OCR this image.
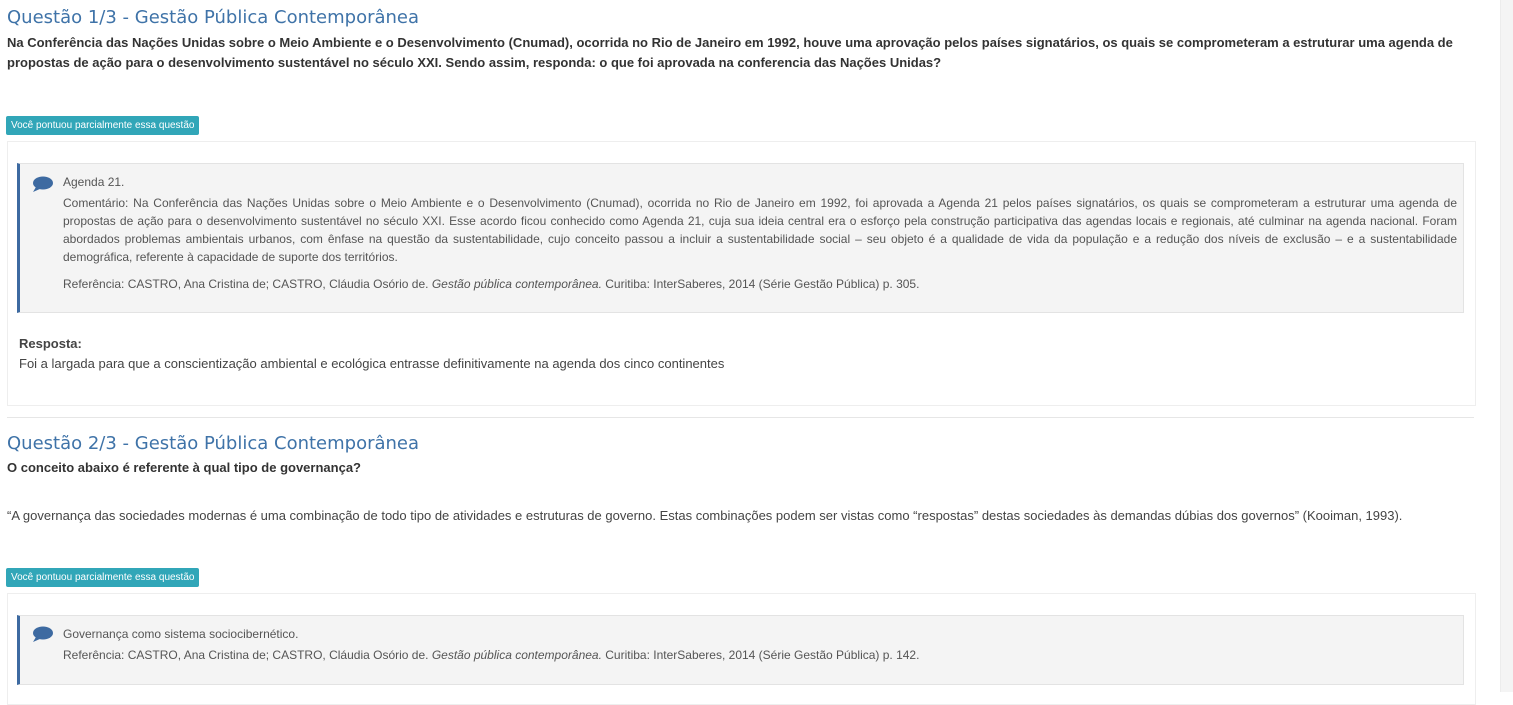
Questão 1/3 - Gestão Pública Contemporânea
Na Conferência das Nações Unidas sobre o Meio Ambiente e o Desenvolvimento (Cnumad), ocorrida no Rio de Janeiro em 1992, houve uma aprovação pelos países signatários, os quais se comprometeram a estruturar uma agenda de propostas de ação para o desenvolvimento sustentável no século XXI. Sendo assim, responda: o que foi aprovada na conferencia das Nações Unidas?
Você pontuou parcialmente essa questão
Agenda 21.
Comentário: Na Conferência das Nações Unidas sobre o Meio Ambiente e o Desenvolvimento (Cnumad), ocorrida no Rio de Janeiro em 1992, foi aprovada a Agenda 21 pelos países signatários, os quais se comprometeram a estruturar uma agenda de propostas de ação para o desenvolvimento sustentável no século XXI. Esse acordo ficou conhecido como Agenda 21, cuja sua ideia central era o esforço pela construção participativa das agendas locais e regionais, até culminar na agenda nacional. Foram abordados problemas ambientais urbanos, com ênfase na questão da sustentabilidade, cujo conceito passou a incluir a sustentabilidade social – seu objeto é a qualidade de vida da população e a redução dos níveis de exclusão – e a sustentabilidade demográfica, referente à capacidade de suporte dos territórios.
Referência: CASTRO, Ana Cristina de; CASTRO, Cláudia Osório de. Gestão pública contemporânea. Curitiba: InterSaberes, 2014 (Série Gestão Pública) p. 305.
Resposta:
Foi a largada para que a conscientização ambiental e ecológica entrasse definitivamente na agenda dos cinco continentes
Questão 2/3 - Gestão Pública Contemporânea
O conceito abaixo é referente à qual tipo de governança?
“A governança das sociedades modernas é uma combinação de todo tipo de atividades e estruturas de governo. Estas combinações podem ser vistas como “respostas” destas sociedades às demandas dúbias dos governos” (Kooiman, 1993).
Você pontuou parcialmente essa questão
Governança como sistema sociocibernético.
Referência: CASTRO, Ana Cristina de; CASTRO, Cláudia Osório de. Gestão pública contemporânea. Curitiba: InterSaberes, 2014 (Série Gestão Pública) p. 142.
